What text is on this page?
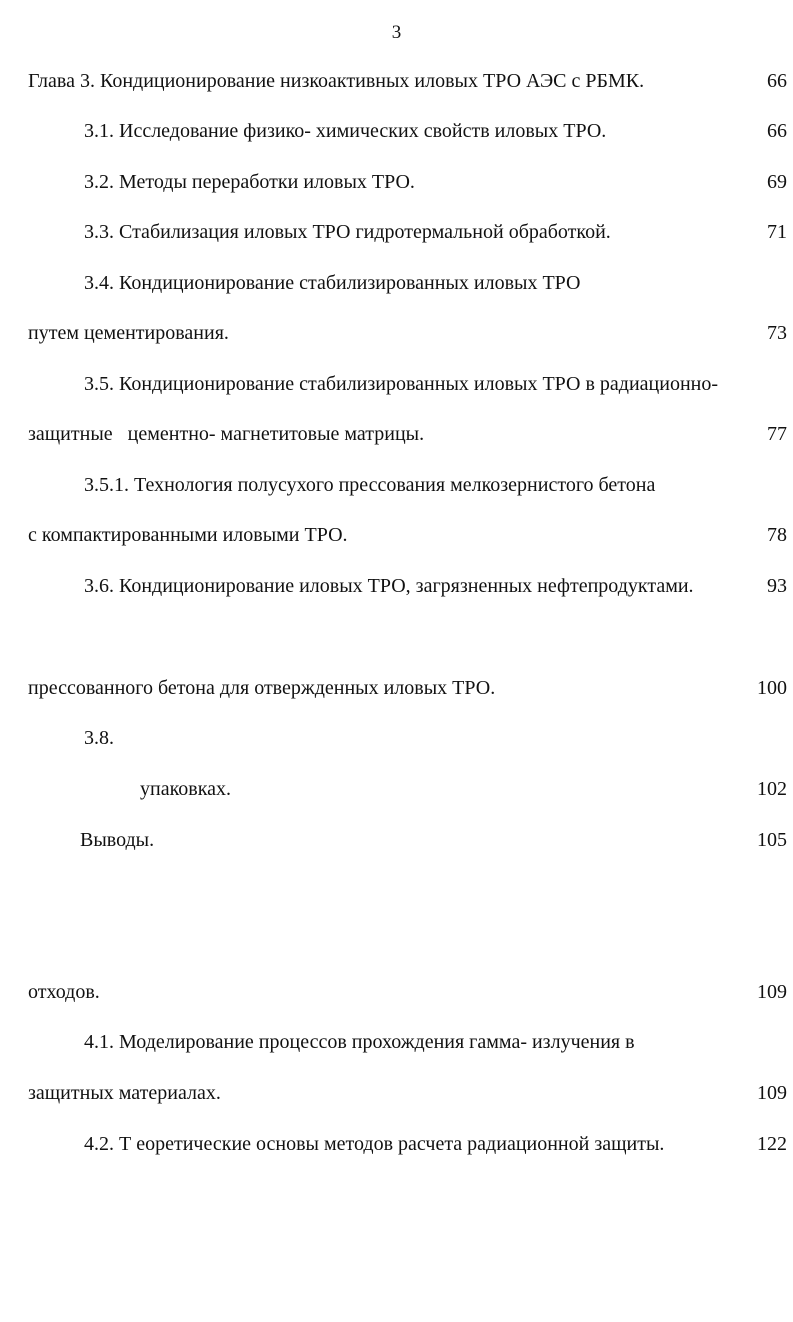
3
Глава 3. Кондиционирование низкоактивных иловых ТРО АЭС с РБМК.	66
3.1. Исследование физико- химических свойств иловых ТРО.	66
3.2. Методы переработки иловых ТРО.	69
3.3. Стабилизация иловых ТРО гидротермальной обработкой.	71
3.4. Кондиционирование стабилизированных иловых ТРО
путем цементирования.	73
3.5. Кондиционирование стабилизированных иловых ТРО в радиационно-
защитные   цементно- магнетитовые матрицы.	77
3.5.1. Технология полусухого прессования мелкозернистого бетона
с компактированными иловыми ТРО.	78
3.6. Кондиционирование иловых ТРО, загрязненных нефтепродуктами.	93
прессованного бетона для отвержденных иловых ТРО.	100
3.8.
упаковках.	102
Выводы.	105
отходов.	109
4.1. Моделирование процессов прохождения гамма- излучения в
защитных материалах.	109
4.2. Т еоретические основы методов расчета радиационной защиты.	122
